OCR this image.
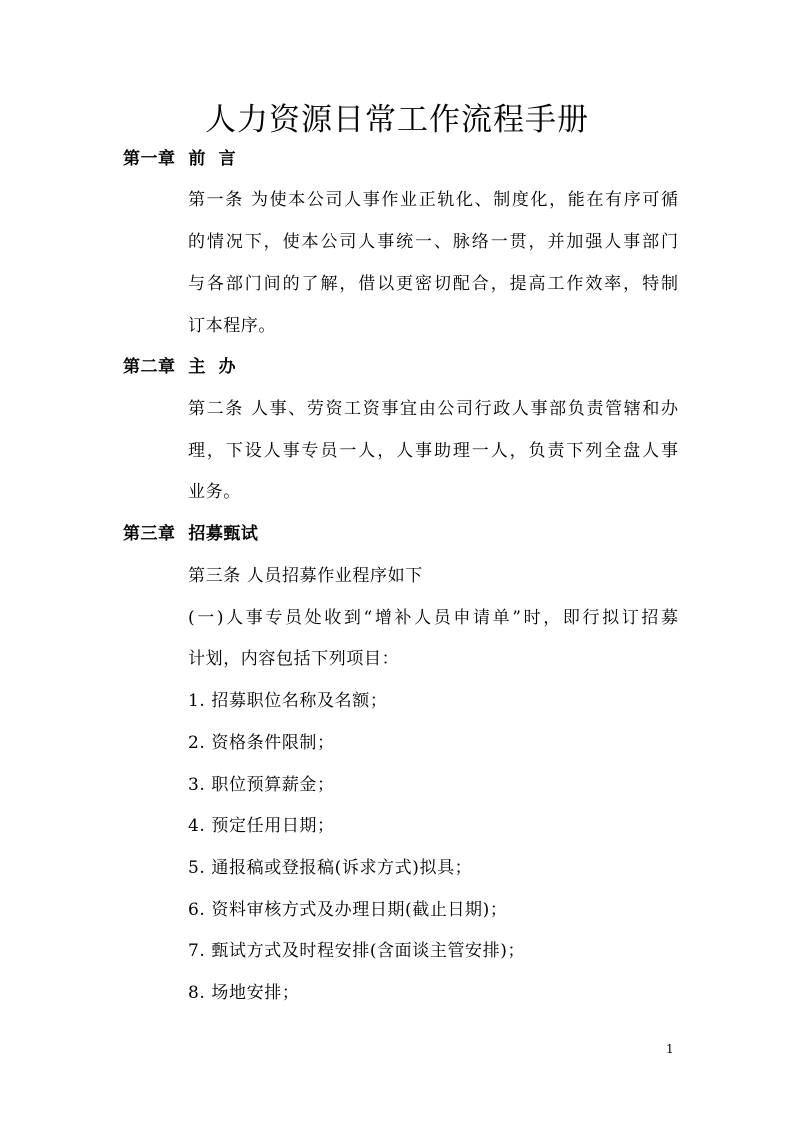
人力资源日常工作流程手册
第一章  前  言
第一条 为使本公司人事作业正轨化、制度化，能在有序可循
的情况下，使本公司人事统一、脉络一贯，并加强人事部门
与各部门间的了解，借以更密切配合，提高工作效率，特制
订本程序。
第二章  主  办
第二条 人事、劳资工资事宜由公司行政人事部负责管辖和办
理，下设人事专员一人，人事助理一人，负责下列全盘人事
业务。
第三章  招募甄试
第三条 人员招募作业程序如下
(一)人事专员处收到“增补人员申请单”时，即行拟订招募
计划，内容包括下列项目：
1. 招募职位名称及名额；
2. 资格条件限制；
3. 职位预算薪金；
4. 预定任用日期；
5. 通报稿或登报稿(诉求方式)拟具；
6. 资料审核方式及办理日期(截止日期)；
7. 甄试方式及时程安排(含面谈主管安排)；
8. 场地安排；
1
